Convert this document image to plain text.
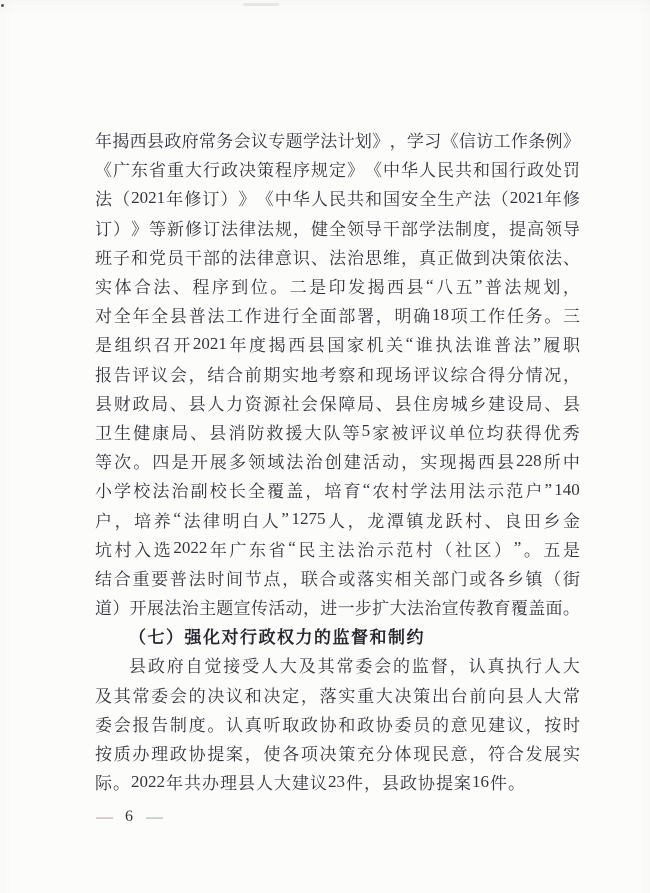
年 揭 西 县 政 府 常 务 会 议 专 题 学 法 计 划 》 ， 学 习 《 信 访 工 作 条 例 》
《 广 东 省 重 大 行 政 决 策 程 序 规 定 》 《 中 华 人 民 共 和 国 行 政 处 罚
法 （ 2021 年 修 订 ） 》 《 中 华 人 民 共 和 国 安 全 生 产 法 （ 2021 年 修
订 ） 》 等 新 修 订 法 律 法 规 ， 健 全 领 导 干 部 学 法 制 度 ， 提 高 领 导
班 子 和 党 员 干 部 的 法 律 意 识 、 法 治 思 维 ， 真 正 做 到 决 策 依 法 、
实 体 合 法 、 程 序 到 位 。 二 是 印 发 揭 西 县 “ 八 五 ” 普 法 规 划 ，
对 全 年 全 县 普 法 工 作 进 行 全 面 部 署 ， 明 确 18 项 工 作 任 务 。 三
是 组 织 召 开 2021 年 度 揭 西 县 国 家 机 关 “ 谁 执 法 谁 普 法 ” 履 职
报 告 评 议 会 ， 结 合 前 期 实 地 考 察 和 现 场 评 议 综 合 得 分 情 况 ，
县 财 政 局 、 县 人 力 资 源 社 会 保 障 局 、 县 住 房 城 乡 建 设 局 、 县
卫 生 健 康 局 、 县 消 防 救 援 大 队 等 5 家 被 评 议 单 位 均 获 得 优 秀
等 次 。 四 是 开 展 多 领 域 法 治 创 建 活 动 ， 实 现 揭 西 县 228 所 中
小 学 校 法 治 副 校 长 全 覆 盖 ， 培 育 “ 农 村 学 法 用 法 示 范 户 ” 140
户 ， 培 养 “ 法 律 明 白 人 ” 1275 人 ， 龙 潭 镇 龙 跃 村 、 良 田 乡 金
坑 村 入 选 2022 年 广 东 省 “ 民 主 法 治 示 范 村 （ 社 区 ） ” 。 五 是
结 合 重 要 普 法 时 间 节 点 ， 联 合 或 落 实 相 关 部 门 或 各 乡 镇 （ 街
道 ） 开 展 法 治 主 题 宣 传 活 动 ， 进 一 步 扩 大 法 治 宣 传 教 育 覆 盖 面 。
（ 七 ） 强 化 对 行 政 权 力 的 监 督 和 制 约
县 政 府 自 觉 接 受 人 大 及 其 常 委 会 的 监 督 ， 认 真 执 行 人 大
及 其 常 委 会 的 决 议 和 决 定 ， 落 实 重 大 决 策 出 台 前 向 县 人 大 常
委 会 报 告 制 度 。 认 真 听 取 政 协 和 政 协 委 员 的 意 见 建 议 ， 按 时
按 质 办 理 政 协 提 案 ， 使 各 项 决 策 充 分 体 现 民 意 ， 符 合 发 展 实
际 。 2022 年 共 办 理 县 人 大 建 议 23 件 ， 县 政 协 提 案 16 件 。
— 6 —
